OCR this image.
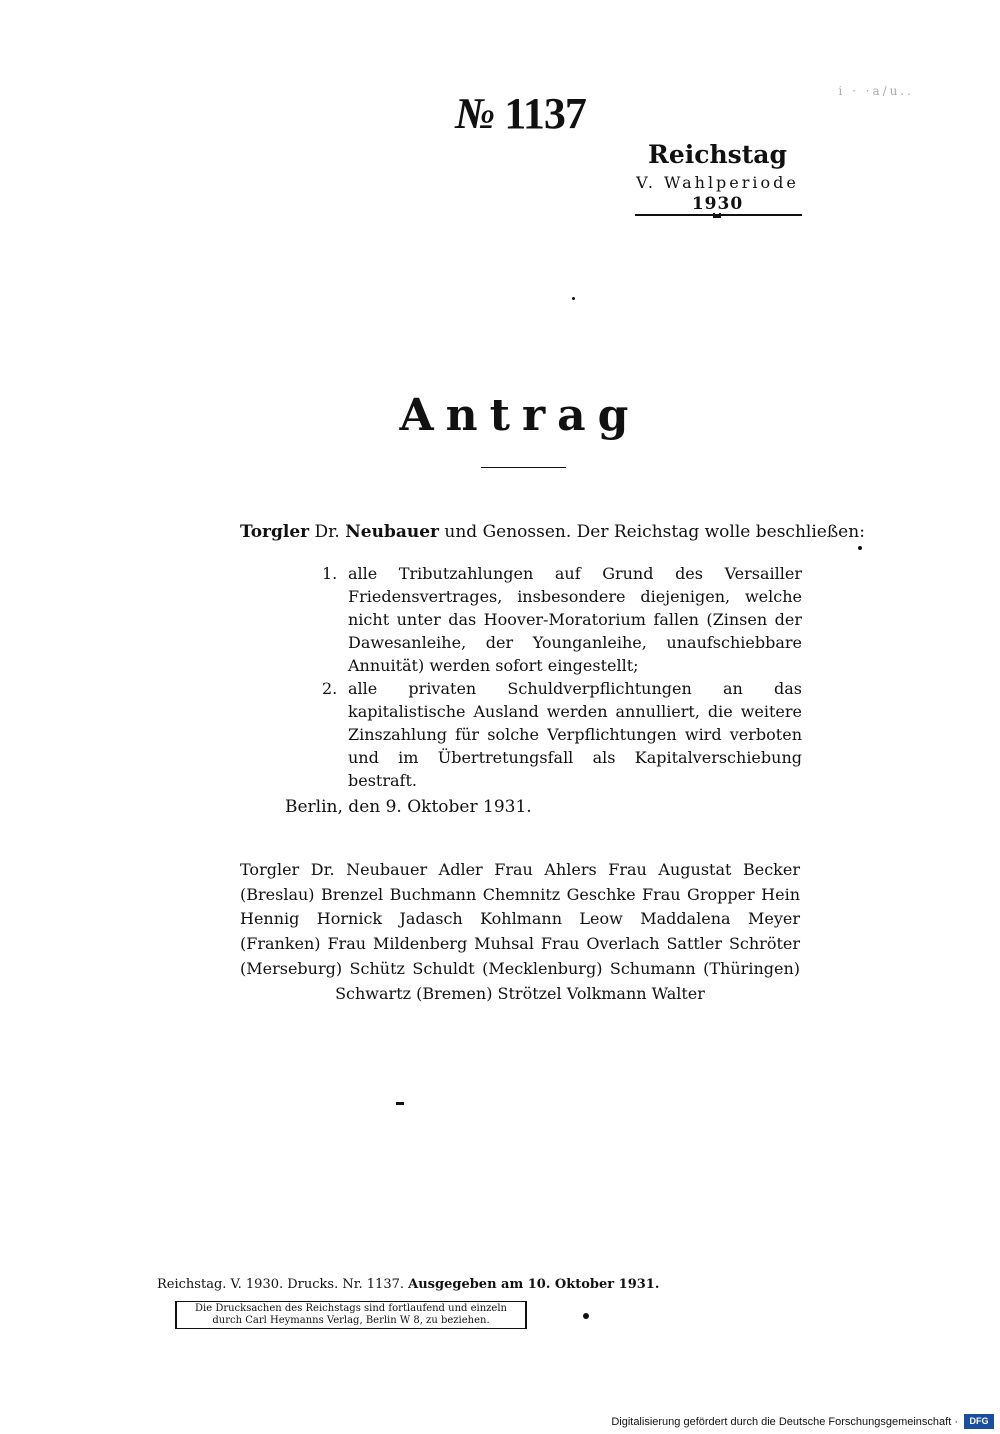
№ 1137	i · ·a/u..
Reichstag
V. Wahlperiode
1930
Antrag
Torgler Dr. Neubauer und Genossen. Der Reichstag wolle beschließen:
1. alle Tributzahlungen auf Grund des Versailler Friedensvertrages, insbesondere diejenigen, welche nicht unter das Hoover-Moratorium fallen (Zinsen der Dawesanleihe, der Younganleihe, unaufschiebbare Annuität) werden sofort eingestellt;
2. alle privaten Schuldverpflichtungen an das kapitalistische Ausland werden annulliert, die weitere Zinszahlung für solche Verpflichtungen wird verboten und im Übertretungsfall als Kapitalverschiebung bestraft.
Berlin, den 9. Oktober 1931.
Torgler Dr. Neubauer Adler Frau Ahlers Frau Augustat Becker (Breslau) Brenzel Buchmann Chemnitz Geschke Frau Gropper Hein Hennig Hornick Jadasch Kohlmann Leow Maddalena Meyer (Franken) Frau Mildenberg Muhsal Frau Overlach Sattler Schröter (Merseburg) Schütz Schuldt (Mecklenburg) Schumann (Thüringen) Schwartz (Bremen) Strötzel Volkmann Walter
Reichstag. V. 1930. Drucks. Nr. 1137. Ausgegeben am 10. Oktober 1931.
Die Drucksachen des Reichstags sind fortlaufend und einzeln
durch Carl Heymanns Verlag, Berlin W 8, zu beziehen.
Digitalisierung gefördert durch die Deutsche Forschungsgemeinschaft ·	DFG
